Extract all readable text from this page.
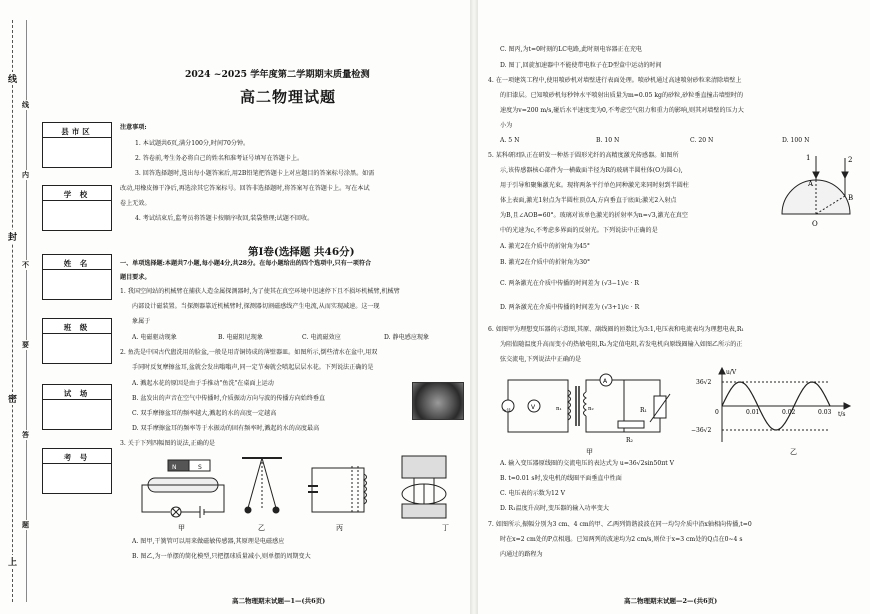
线
封
密
上
线
内
不
要
答
题
县市区
学 校
姓 名
班 级
试 场
考 号
2024 ~2025 学年度第二学期期末质量检测
高二物理试题
注意事项:
1. 本试题共6页,满分100分,时间70分钟。
2. 答卷前,考生务必将自己的姓名和准考证号填写在答题卡上。
3. 回答选择题时,选出每小题答案后,用2B铅笔把答题卡上对应题目的答案标号涂黑。如需
改动,用橡皮擦干净后,再选涂其它答案标号。回答非选择题时,将答案写在答题卡上。写在本试
卷上无效。
4. 考试结束后,监考员将答题卡按顺序收回,装袋整理;试题不回收。
第Ⅰ卷(选择题 共46分)
一、单项选择题:本题共7小题,每小题4分,共28分。在每小题给出的四个选项中,只有一项符合
题目要求。
1. 我国空间站的机械臂在捕获人造金属探测器时,为了使其在真空环境中迅速停下且不损坏机械臂,机械臂
内部设计磁装置。当探测器靠近机械臂时,探测器切割磁感线产生电流,从而实现减速。这一现
象属于
A. 电磁驱动现象	B. 电磁阻尼现象	C. 电流磁效应	D. 静电感应现象
2. 鱼洗是中国古代盥洗用的脸盆,一般是用青铜铸成的薄壁器皿。如图所示,倒些清水在盆中,用双
手同时反复摩擦盆耳,盆就会发出嗡嗡声,同一定节奏就会喷起层层水花。下列说法正确的是
A. 溅起水花的原因是由于手推动"鱼洗"在桌面上运动
B. 盆发出的声音在空气中传播时,介质振动方向与波的传播方向始终垂直
C. 双手摩擦盆耳的频率越大,溅起的水的高度一定越高
D. 双手摩擦盆耳的频率等于水振动的固有频率时,溅起的水的高度最高
3. 关于下列四幅图的说法,正确的是
N	S
甲	乙	丙	丁
A. 图甲,干簧管可以用来做磁敏传感器,其原理是电磁感应
B. 图乙,为一单摆的简化模型,只把摆球质量减小,则单摆的周期变大
高二物理期末试题—1—(共6页)
C. 图丙,为t=0时刻的LC电路,此时刻电容器正在充电
D. 图丁,回旋加速器中不能使带电粒子在D型盒中运动的时间
4. 在一项建筑工程中,使用喷砂机对墙壁进行表面处理。喷砂机通过高速喷射砂粒来清除墙壁上
的旧漆层。已知喷砂机每秒钟水平喷射出质量为m=0.05 kg的砂粒,砂粒垂直撞击墙壁时的
速度为v=200 m/s,碰后水平速度变为0,不考虑空气阻力和重力的影响,则其对墙壁的压力大
小为
A. 5 N	B. 10 N	C. 20 N	D. 100 N
5. 某科研团队正在研发一种基于圆形光纤的高精度激光传感器。如图所
示,该传感器核心部件为一横截面半径为R的玻璃半圆柱体(O为圆心),
用于引导和聚集激光束。现将两条平行单色同种激光来同时射到半圆柱
体上表面,激光1射点为半圆柱顶点A,方向垂直于底面;激光2入射点
为B,且∠AOB=60°。玻璃对该单色激光的折射率为n=√3,激光在真空
中的光速为c,不考虑多界面的反射光。下列说法中正确的是
A. 激光2在介质中的折射角为45°
B. 激光2在介质中的折射角为30°
C. 两条激光在介质中传播的时间差为 (√3−1)/c · R
D. 两条激光在介质中传播的时间差为 (√3+1)/c · R
1	2
A
B
O
6. 如图甲为理想变压器的示意图,其原、副线圈的匝数比为3:1,电压表和电流表均为理想电表,R₁
为阻值随温度升高而变小的热敏电阻,R₂为定值电阻,若发电机向原线圈输入如图乙所示的正
弦交流电,下列说法中正确的是
~u	V
A
n₁	n₂	R₁
R₂
甲
u/V
t/s
36√2
−36√2
0	0.01	0.02	0.03
乙
A. 输入变压器原线圈的交流电压的表达式为 u=36√2sin50πt V
B. t=0.01 s时,发电机的线圈平面垂直中性面
C. 电压表的示数为12 V
D. R₁温度升高时,变压器的输入功率变大
7. 如图所示,振幅分别为3 cm、4 cm的甲、乙两列简谐波波在同一均匀介质中沿x轴相向传播,t=0
时在x=2 cm处的P点相遇。已知两列的波速均为2 cm/s,则位于x=3 cm处的Q点在0~4 s
内通过的路程为
高二物理期末试题—2—(共6页)
